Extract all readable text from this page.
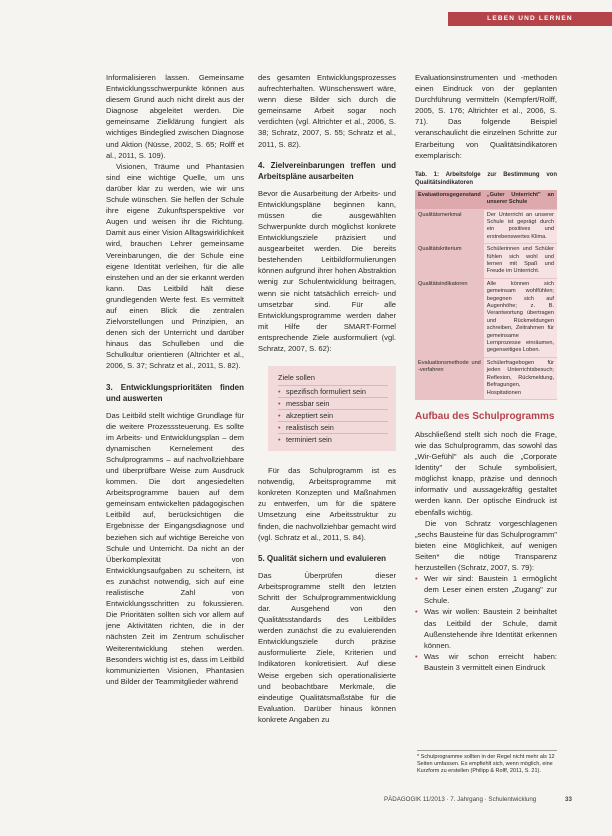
LEBEN UND LERNEN

Informalisieren lassen. Gemeinsame Entwicklungsschwerpunkte können aus diesem Grund auch nicht direkt aus der Diagnose abgeleitet werden. Die gemeinsame Zielklärung fungiert als wichtiges Bindeglied zwischen Diagnose und Aktion (Nüsse, 2002, S. 65; Rolff et al., 2011, S. 109).

Visionen, Träume und Phantasien sind eine wichtige Quelle, um uns darüber klar zu werden, wie wir uns Schule wünschen. Sie helfen der Schule ihre eigene Zukunftsperspektive vor Augen und weisen ihr die Richtung. Damit aus einer Vision Alltagswirklichkeit wird, brauchen Lehrer gemeinsame Vereinbarungen, die der Schule eine eigene Identität verleihen, für die alle einstehen und an der sie erkannt werden kann. Das Leitbild hält diese grundlegenden Werte fest. Es vermittelt auf einen Blick die zentralen Zielvorstellungen und Prinzipien, an denen sich der Unterricht und darüber hinaus das Schulleben und die Schulkultur orientieren (Altrichter et al., 2006, S. 37; Schratz et al., 2011, S. 82).

3. Entwicklungsprioritäten finden und auswerten

Das Leitbild stellt wichtige Grundlage für die weitere Prozesssteuerung. Es sollte im Arbeits- und Entwicklungsplan – dem dynamischen Kernelement des Schulprogramms – auf nachvollziehbare und überprüfbare Weise zum Ausdruck kommen. Die dort angesiedelten Arbeitsprogramme bauen auf dem gemeinsam entwickelten pädagogischen Leitbild auf, berücksichtigen die Ergebnisse der Eingangsdiagnose und beziehen sich auf wichtige Bereiche von Schule und Unterricht. Da nicht an der Überkomplexität von Entwicklungsaufgaben zu scheitern, ist es zunächst notwendig, sich auf eine realistische Zahl von Entwicklungsschritten zu fokussieren. Die Prioritäten sollten sich vor allem auf jene Aktivitäten richten, die in der nächsten Zeit im Zentrum schulischer Weiterentwicklung stehen werden. Besonders wichtig ist es, dass im Leitbild kommunizierten Visionen, Phantasien und Bilder der Teammitglieder während

des gesamten Entwicklungsprozesses aufrechterhalten. Wünschenswert wäre, wenn diese Bilder sich durch die gemeinsame Arbeit sogar noch verdichten (vgl. Altrichter et al., 2006, S. 38; Schratz, 2007, S. 55; Schratz et al., 2011, S. 82).

4. Zielvereinbarungen treffen und Arbeitspläne ausarbeiten

Bevor die Ausarbeitung der Arbeits- und Entwicklungspläne beginnen kann, müssen die ausgewählten Schwerpunkte durch möglichst konkrete Entwicklungsziele präzisiert und ausgearbeitet werden. Die bereits bestehenden Leitbildformulierungen können aufgrund ihrer hohen Abstraktion wenig zur Schulentwicklung beitragen, wenn sie nicht tatsächlich erreich- und umsetzbar sind. Für alle Entwicklungsprogramme werden daher mit Hilfe der SMART-Formel entsprechende Ziele ausformuliert (vgl. Schratz, 2007, S. 62):

Ziele sollen
• spezifisch formuliert sein
• messbar sein
• akzeptiert sein
• realistisch sein
• terminiert sein

Für das Schulprogramm ist es notwendig, Arbeitsprogramme mit konkreten Konzepten und Maßnahmen zu entwerfen, um für die spätere Umsetzung eine Arbeitsstruktur zu finden, die nachvollziehbar gemacht wird (vgl. Schratz et al., 2011, S. 84).

5. Qualität sichern und evaluieren

Das Überprüfen dieser Arbeitsprogramme stellt den letzten Schritt der Schulprogrammentwicklung dar. Ausgehend von den Qualitätsstandards des Leitbildes werden zunächst die zu evaluierenden Entwicklungsziele durch präzise ausformulierte Ziele, Kriterien und Indikatoren konkretisiert. Auf diese Weise ergeben sich operationalisierte und beobachtbare Merkmale, die eindeutige Qualitätsmaßstäbe für die Evaluation. Darüber hinaus können konkrete Angaben zu

Evaluationsinstrumenten und -methoden einen Eindruck von der geplanten Durchführung vermitteln (Kempfert/Rolff, 2005, S. 176; Altrichter et al., 2006, S. 71). Das folgende Beispiel veranschaulicht die einzelnen Schritte zur Erarbeitung von Qualitätsindikatoren exemplarisch:

Tab. 1: Arbeitsfolge zur Bestimmung von Qualitätsindikatoren
Evaluationsgegenstand	„Guter Unterricht" an unserer Schule
Qualitätsmerkmal	Der Unterricht an unserer Schule ist geprägt durch ein positives und erstrebenswertes Klima.
Qualitätskriterium	Schülerinnen und Schüler fühlen sich wohl und lernen mit Spaß und Freude im Unterricht.
Qualitätsindikatoren	Alle können sich gemeinsam wohlfühlen; begegnen sich auf Augenhöhe; z. B. Verantwortung übertragen und Rückmeldungen schreiben, Zeitrahmen für gemeinsame Lernprozesse einräumen, gegenseitiges Loben.
Evaluationsmethode und -verfahren	Schülerfragebogen für jeden Unterrichtsbesuch; Reflexion, Rückmeldung, Befragungen, Hospitationen
Aufbau des Schulprogramms

Abschließend stellt sich noch die Frage, wie das Schulprogramm, das sowohl das „Wir-Gefühl" als auch die „Corporate Identity" der Schule symbolisiert, möglichst knapp, präzise und dennoch informativ und aussagekräftig gestaltet werden kann. Der optische Eindruck ist ebenfalls wichtig.

Die von Schratz vorgeschlagenen „sechs Bausteine für das Schulprogramm" bieten eine Möglichkeit, auf wenigen Seiten* die nötige Transparenz herzustellen (Schratz, 2007, S. 79):

• Wer wir sind: Baustein 1 ermöglicht dem Leser einen ersten „Zugang" zur Schule.
• Was wir wollen: Baustein 2 beinhaltet das Leitbild der Schule, damit Außenstehende ihre Identität erkennen können.
• Was wir schon erreicht haben: Baustein 3 vermittelt einen Eindruck
* Schulprogramme sollten in der Regel nicht mehr als 12 Seiten umfassen. Es empfiehlt sich, wenn möglich, eine Kurzform zu erstellen (Philipp & Rolff, 2011, S. 21).
PÄDAGOGIK 11/2013 · 7. Jahrgang · Schulentwicklung	33
